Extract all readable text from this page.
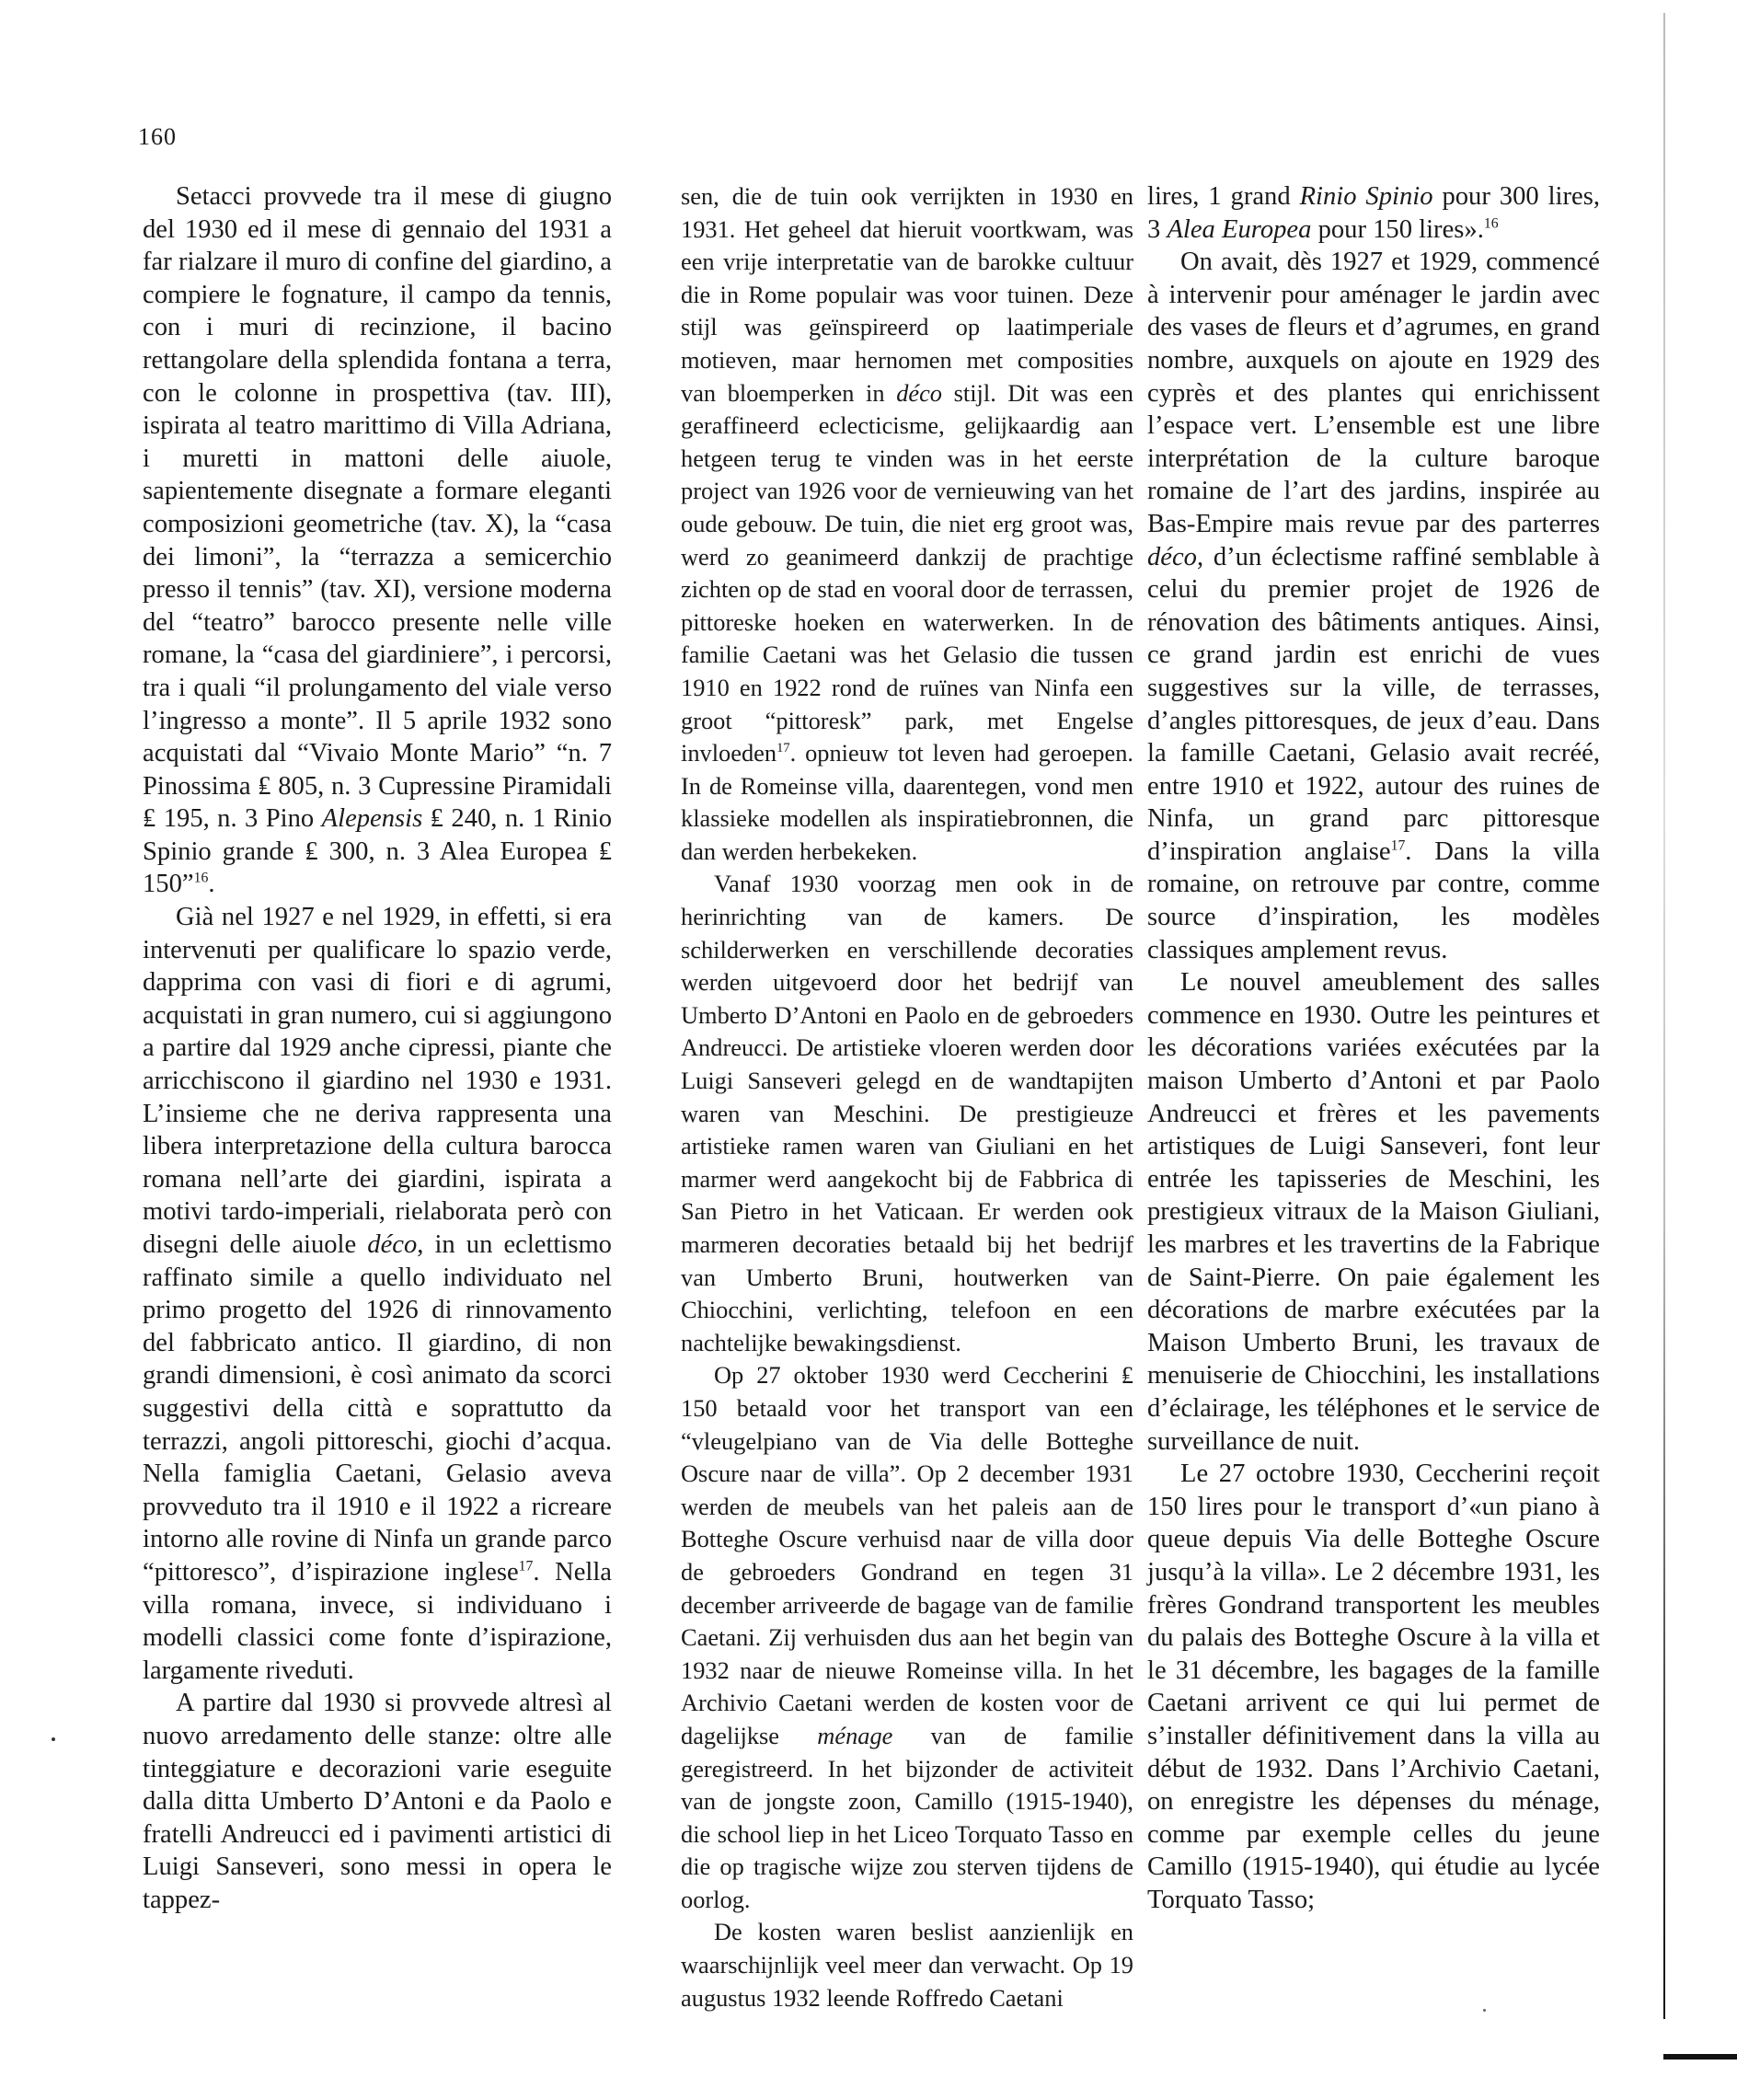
160

Setacci provvede tra il mese di giugno del 1930 ed il mese di gennaio del 1931 a far rialzare il muro di confine del giardino, a compiere le fognature, il campo da tennis, con i muri di recinzione, il bacino rettangolare della splendida fontana a terra, con le colonne in prospettiva (tav. III), ispirata al teatro marittimo di Villa Adriana, i muretti in mattoni delle aiuole, sapientemente disegnate a formare eleganti composizioni geometriche (tav. X), la “casa dei limoni”, la “terrazza a semicerchio presso il tennis” (tav. XI), versione moderna del “teatro” barocco presente nelle ville romane, la “casa del giardiniere”, i percorsi, tra i quali “il prolungamento del viale verso l’ingresso a monte”. Il 5 aprile 1932 sono acquistati dal “Vivaio Monte Mario” “n. 7 Pinossima ₤ 805, n. 3 Cupressine Piramidali ₤ 195, n. 3 Pino Alepensis ₤ 240, n. 1 Rinio Spinio grande ₤ 300, n. 3 Alea Europea ₤ 150”$^{16}$.

Già nel 1927 e nel 1929, in effetti, si era intervenuti per qualificare lo spazio verde, dapprima con vasi di fiori e di agrumi, acquistati in gran numero, cui si aggiungono a partire dal 1929 anche cipressi, piante che arricchiscono il giardino nel 1930 e 1931. L’insieme che ne deriva rappresenta una libera interpretazione della cultura barocca romana nell’arte dei giardini, ispirata a motivi tardo-imperiali, rielaborata però con disegni delle aiuole déco, in un eclettismo raffinato simile a quello individuato nel primo progetto del 1926 di rinnovamento del fabbricato antico. Il giardino, di non grandi dimensioni, è così animato da scorci suggestivi della città e soprattutto da terrazzi, angoli pittoreschi, giochi d’acqua. Nella famiglia Caetani, Gelasio aveva provveduto tra il 1910 e il 1922 a ricreare intorno alle rovine di Ninfa un grande parco “pittoresco”, d’ispirazione inglese$^{17}$. Nella villa romana, invece, si individuano i modelli classici come fonte d’ispirazione, largamente riveduti.

A partire dal 1930 si provvede altresì al nuovo arredamento delle stanze: oltre alle tinteggiature e decorazioni varie eseguite dalla ditta Umberto D’Antoni e da Paolo e fratelli Andreucci ed i pavimenti artistici di Luigi Sanseveri, sono messi in opera le tappez-

sen, die de tuin ook verrijkten in 1930 en 1931. Het geheel dat hieruit voortkwam, was een vrije interpretatie van de barokke cultuur die in Rome populair was voor tuinen. Deze stijl was geïnspireerd op laatimperiale motieven, maar hernomen met composities van bloemperken in déco stijl. Dit was een geraffineerd eclecticisme, gelijkaardig aan hetgeen terug te vinden was in het eerste project van 1926 voor de vernieuwing van het oude gebouw. De tuin, die niet erg groot was, werd zo geanimeerd dankzij de prachtige zichten op de stad en vooral door de terrassen, pittoreske hoeken en waterwerken. In de familie Caetani was het Gelasio die tussen 1910 en 1922 rond de ruïnes van Ninfa een groot “pittoresk” park, met Engelse invloeden$^{17}$. opnieuw tot leven had geroepen. In de Romeinse villa, daarentegen, vond men klassieke modellen als inspiratiebronnen, die dan werden herbekeken.

Vanaf 1930 voorzag men ook in de herinrichting van de kamers. De schilderwerken en verschillende decoraties werden uitgevoerd door het bedrijf van Umberto D’Antoni en Paolo en de gebroeders Andreucci. De artistieke vloeren werden door Luigi Sanseveri gelegd en de wandtapijten waren van Meschini. De prestigieuze artistieke ramen waren van Giuliani en het marmer werd aangekocht bij de Fabbrica di San Pietro in het Vaticaan. Er werden ook marmeren decoraties betaald bij het bedrijf van Umberto Bruni, houtwerken van Chiocchini, verlichting, telefoon en een nachtelijke bewakingsdienst.

Op 27 oktober 1930 werd Ceccherini ₤ 150 betaald voor het transport van een “vleugelpiano van de Via delle Botteghe Oscure naar de villa”. Op 2 december 1931 werden de meubels van het paleis aan de Botteghe Oscure verhuisd naar de villa door de gebroeders Gondrand en tegen 31 december arriveerde de bagage van de familie Caetani. Zij verhuisden dus aan het begin van 1932 naar de nieuwe Romeinse villa. In het Archivio Caetani werden de kosten voor de dagelijkse ménage van de familie geregistreerd. In het bijzonder de activiteit van de jongste zoon, Camillo (1915-1940), die school liep in het Liceo Torquato Tasso en die op tragische wijze zou sterven tijdens de oorlog.

De kosten waren beslist aanzienlijk en waarschijnlijk veel meer dan verwacht. Op 19 augustus 1932 leende Roffredo Caetani

lires, 1 grand Rinio Spinio pour 300 lires, 3 Alea Europea pour 150 lires».$^{16}$

On avait, dès 1927 et 1929, commencé à intervenir pour aménager le jardin avec des vases de fleurs et d’agrumes, en grand nombre, auxquels on ajoute en 1929 des cyprès et des plantes qui enrichissent l’espace vert. L’ensemble est une libre interprétation de la culture baroque romaine de l’art des jardins, inspirée au Bas-Empire mais revue par des parterres déco, d’un éclectisme raffiné semblable à celui du premier projet de 1926 de rénovation des bâtiments antiques. Ainsi, ce grand jardin est enrichi de vues suggestives sur la ville, de terrasses, d’angles pittoresques, de jeux d’eau. Dans la famille Caetani, Gelasio avait recréé, entre 1910 et 1922, autour des ruines de Ninfa, un grand parc pittoresque d’inspiration anglaise$^{17}$. Dans la villa romaine, on retrouve par contre, comme source d’inspiration, les modèles classiques amplement revus.

Le nouvel ameublement des salles commence en 1930. Outre les peintures et les décorations variées exécutées par la maison Umberto d’Antoni et par Paolo Andreucci et frères et les pavements artistiques de Luigi Sanseveri, font leur entrée les tapisseries de Meschini, les prestigieux vitraux de la Maison Giuliani, les marbres et les travertins de la Fabrique de Saint-Pierre. On paie également les décorations de marbre exécutées par la Maison Umberto Bruni, les travaux de menuiserie de Chiocchini, les installations d’éclairage, les téléphones et le service de surveillance de nuit.

Le 27 octobre 1930, Ceccherini reçoit 150 lires pour le transport d’«un piano à queue depuis Via delle Botteghe Oscure jusqu’à la villa». Le 2 décembre 1931, les frères Gondrand transportent les meubles du palais des Botteghe Oscure à la villa et le 31 décembre, les bagages de la famille Caetani arrivent ce qui lui permet de s’installer définitivement dans la villa au début de 1932. Dans l’Archivio Caetani, on enregistre les dépenses du ménage, comme par exemple celles du jeune Camillo (1915-1940), qui étudie au lycée Torquato Tasso;
